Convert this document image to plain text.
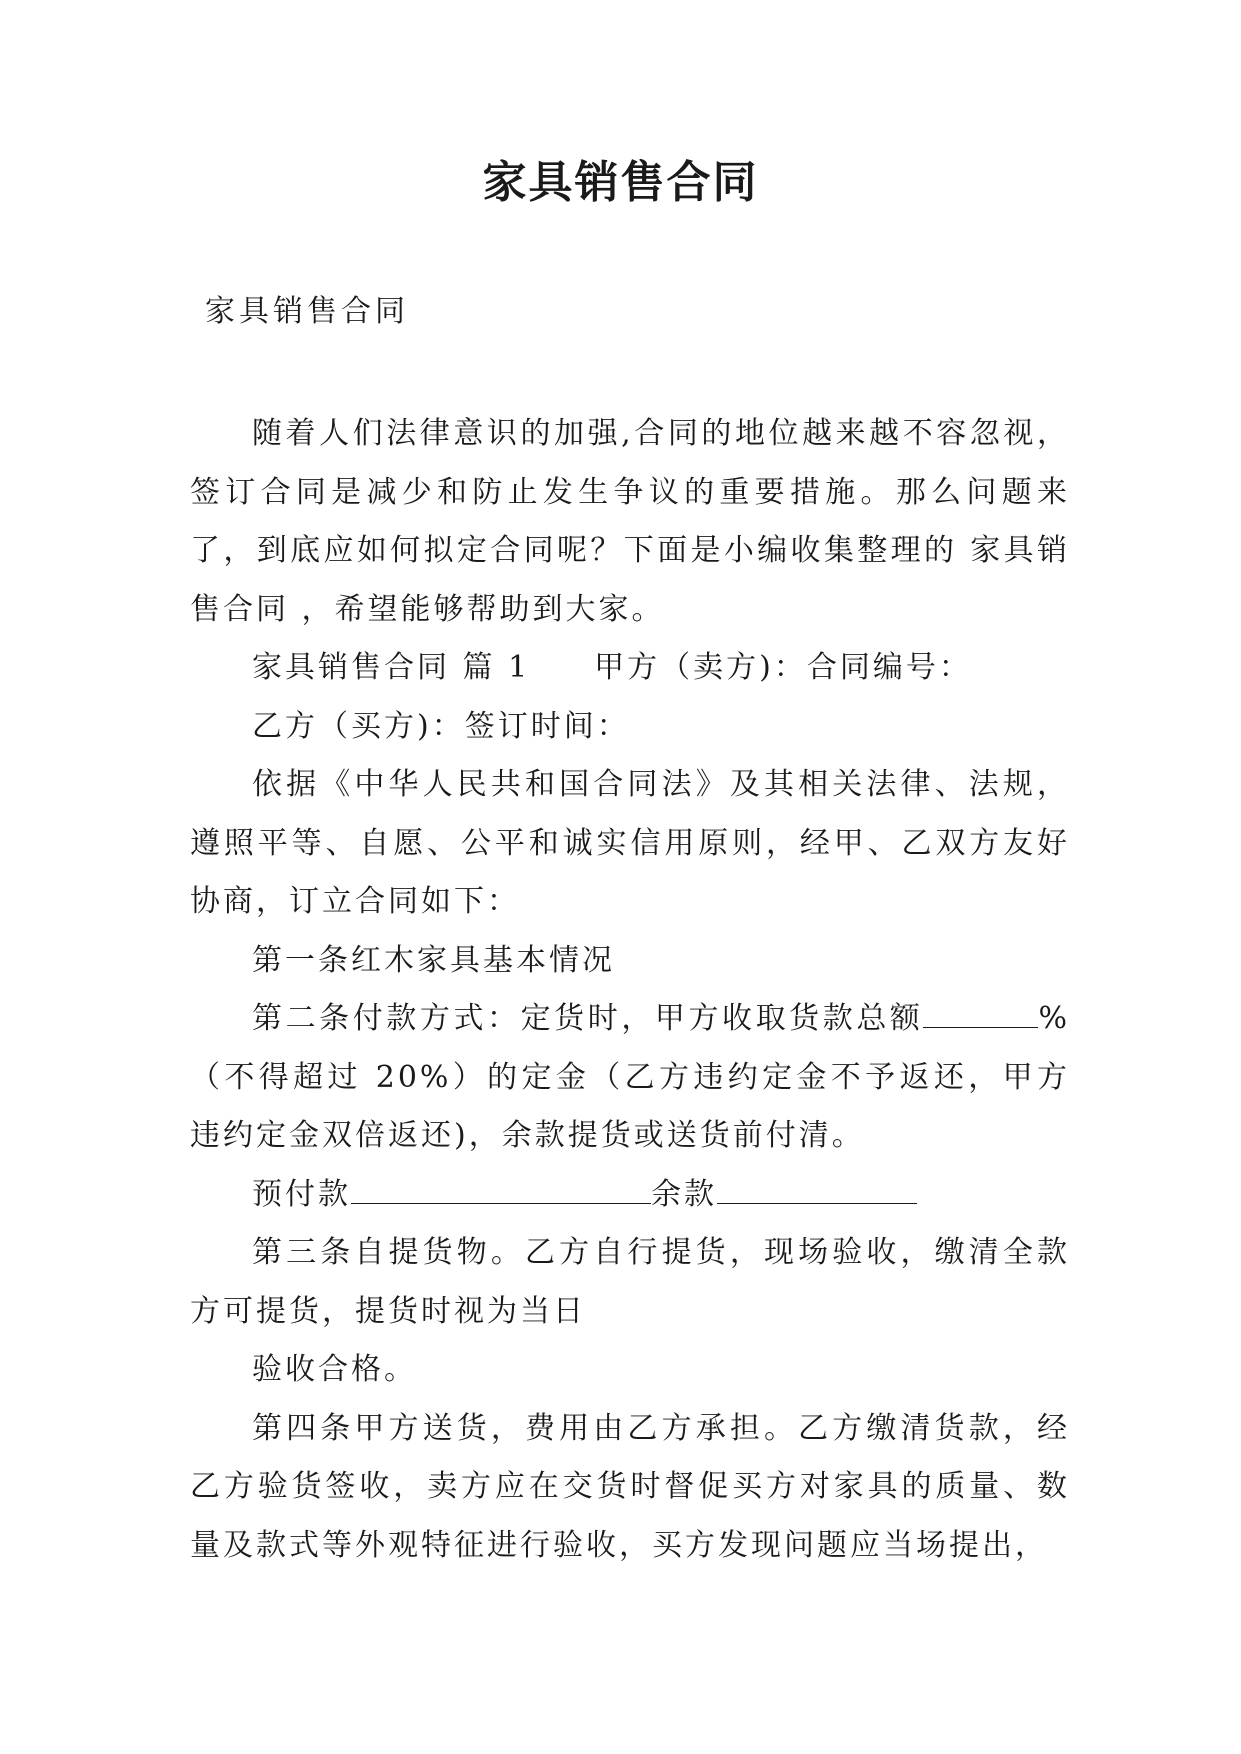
家具销售合同
家具销售合同

随着人们法律意识的加强,合同的地位越来越不容忽视，签订合同是减少和防止发生争议的重要措施。那么问题来了，到底应如何拟定合同呢？下面是小编收集整理的 家具销售合同 ，希望能够帮助到大家。

家具销售合同 篇 1 甲方（卖方)：合同编号：

乙方（买方)：签订时间：

依据《中华人民共和国合同法》及其相关法律、法规，遵照平等、自愿、公平和诚实信用原则，经甲、乙双方友好协商，订立合同如下：

第一条红木家具基本情况

第二条付款方式：定货时，甲方收取货款总额	%（不得超过 20%）的定金（乙方违约定金不予返还，甲方违约定金双倍返还)，余款提货或送货前付清。

预付款	余款

第三条自提货物。乙方自行提货，现场验收，缴清全款方可提货，提货时视为当日

验收合格。

第四条甲方送货，费用由乙方承担。乙方缴清货款，经乙方验货签收，卖方应在交货时督促买方对家具的质量、数量及款式等外观特征进行验收，买方发现问题应当场提出，
